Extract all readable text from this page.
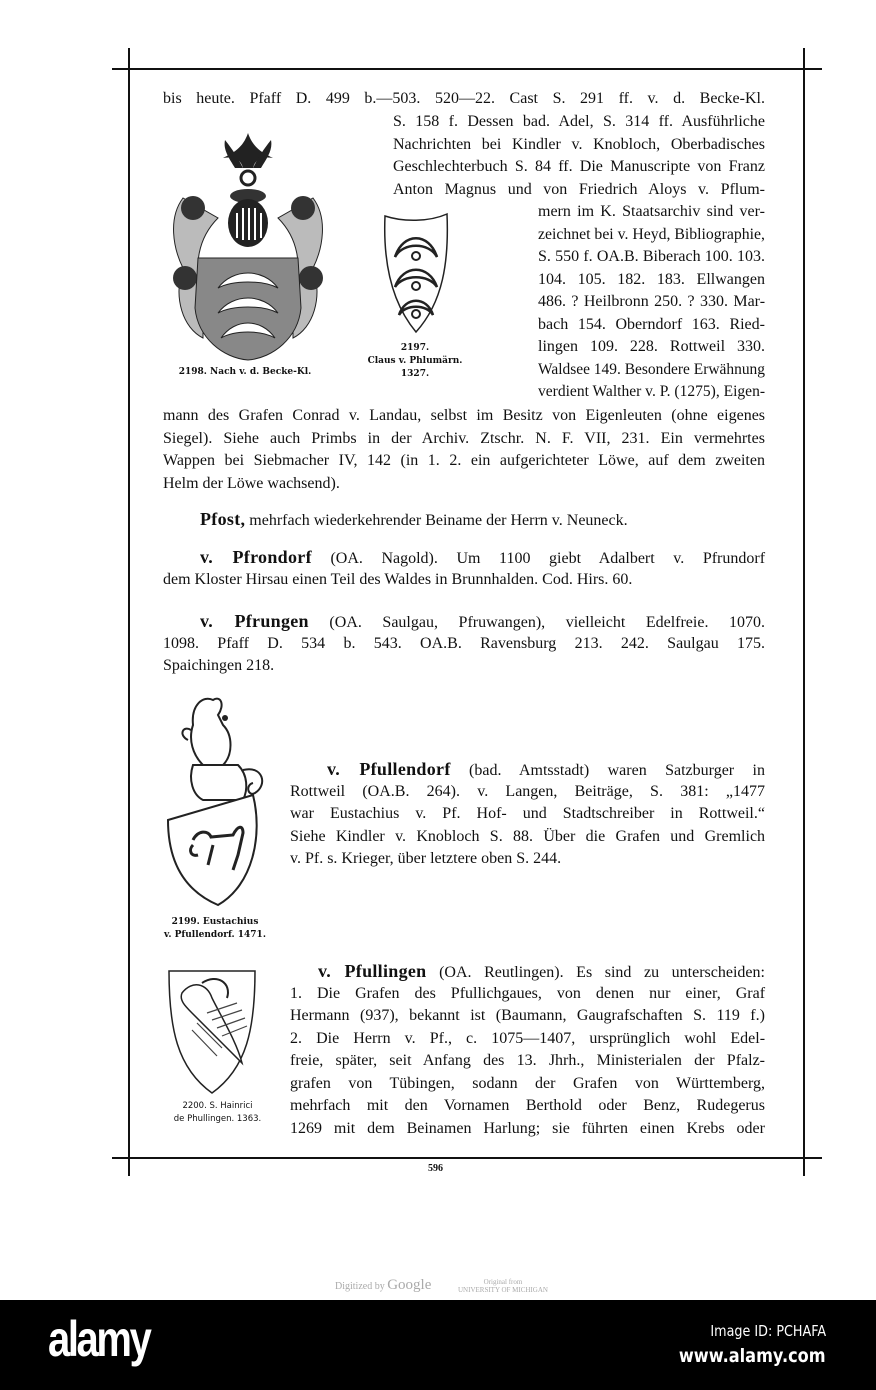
bis heute. Pfaff D. 499 b.—503. 520—22. Cast S. 291 ff. v. d. Becke-Kl.
S. 158 f. Dessen bad. Adel, S. 314 ff. Ausführliche
Nachrichten bei Kindler v. Knobloch, Oberbadisches
Geschlechterbuch S. 84 ff. Die Manuscripte von Franz
Anton Magnus und von Friedrich Aloys v. Pflum-
mern im K. Staatsarchiv sind ver-
zeichnet bei v. Heyd, Bibliographie,
S. 550 f. OA.B. Biberach 100. 103.
104. 105. 182. 183. Ellwangen
486. ? Heilbronn 250. ? 330. Mar-
bach 154. Oberndorf 163. Ried-
lingen 109. 228. Rottweil 330.
Waldsee 149. Besondere Erwähnung
verdient Walther v. P. (1275), Eigen-
mann des Grafen Conrad v. Landau, selbst im Besitz von Eigenleuten (ohne eigenes
Siegel). Siehe auch Primbs in der Archiv. Ztschr. N. F. VII, 231. Ein vermehrtes
Wappen bei Siebmacher IV, 142 (in 1. 2. ein aufgerichteter Löwe, auf dem zweiten
Helm der Löwe wachsend).
2198. Nach v. d. Becke-Kl.
2197.
Claus v. Phlumärn.
1327.
Pfost, mehrfach wiederkehrender Beiname der Herrn v. Neuneck.
v. Pfrondorf (OA. Nagold). Um 1100 giebt Adalbert v. Pfrundorf
dem Kloster Hirsau einen Teil des Waldes in Brunnhalden. Cod. Hirs. 60.
v. Pfrungen (OA. Saulgau, Pfruwangen), vielleicht Edelfreie. 1070.
1098. Pfaff D. 534 b. 543. OA.B. Ravensburg 213. 242. Saulgau 175.
Spaichingen 218.
2199. Eustachius
v. Pfullendorf. 1471.
v. Pfullendorf (bad. Amtsstadt) waren Satzburger in
Rottweil (OA.B. 264). v. Langen, Beiträge, S. 381: „1477
war Eustachius v. Pf. Hof- und Stadtschreiber in Rottweil.“
Siehe Kindler v. Knobloch S. 88. Über die Grafen und Gremlich
v. Pf. s. Krieger, über letztere oben S. 244.
2200. S. Hainrici
de Phullingen. 1363.
v. Pfullingen (OA. Reutlingen). Es sind zu unterscheiden:
1. Die Grafen des Pfullichgaues, von denen nur einer, Graf
Hermann (937), bekannt ist (Baumann, Gaugrafschaften S. 119 f.)
2. Die Herrn v. Pf., c. 1075—1407, ursprünglich wohl Edel-
freie, später, seit Anfang des 13. Jhrh., Ministerialen der Pfalz-
grafen von Tübingen, sodann der Grafen von Württemberg,
mehrfach mit den Vornamen Berthold oder Benz, Rudegerus
1269 mit dem Beinamen Harlung; sie führten einen Krebs oder
596
Digitized by Google	Original from
UNIVERSITY OF MICHIGAN
alamy	Image ID: PCHAFA
www.alamy.com
